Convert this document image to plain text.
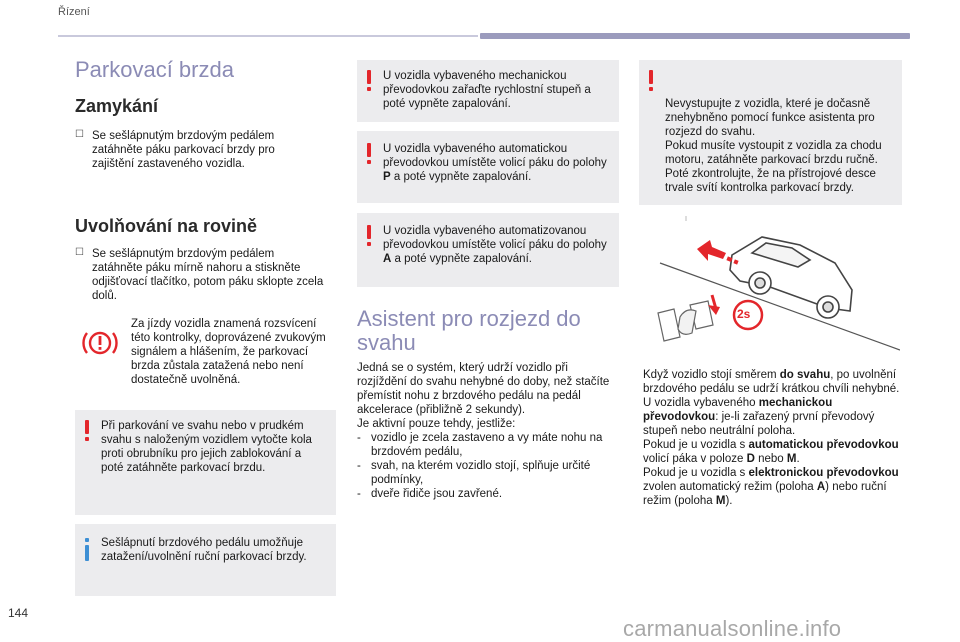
Řízení
Parkovací brzda
Zamykání
☐ Se sešlápnutým brzdovým pedálem zatáhněte páku parkovací brzdy pro zajištění zastaveného vozidla.
Uvolňování na rovině
☐ Se sešlápnutým brzdovým pedálem zatáhněte páku mírně nahoru a stiskněte odjišťovací tlačítko, potom páku sklopte zcela dolů.
Za jízdy vozidla znamená rozsvícení této kontrolky, doprovázené zvukovým signálem a hlášením, že parkovací brzda zůstala zatažená nebo není dostatečně uvolněná.
Při parkování ve svahu nebo v prudkém svahu s naloženým vozidlem vytočte kola proti obrubníku pro jejich zablokování a poté zatáhněte parkovací brzdu.
Sešlápnutí brzdového pedálu umožňuje zatažení/uvolnění ruční parkovací brzdy.
U vozidla vybaveného mechanickou převodovkou zařaďte rychlostní stupeň a poté vypněte zapalování.
U vozidla vybaveného automatickou převodovkou umístěte volicí páku do polohy P a poté vypněte zapalování.
U vozidla vybaveného automatizovanou převodovkou umístěte volicí páku do polohy A a poté vypněte zapalování.
Asistent pro rozjezd do
svahu
Jedná se o systém, který udrží vozidlo při rozjíždění do svahu nehybné do doby, než stačíte přemístit nohu z brzdového pedálu na pedál akcelerace (přibližně 2 sekundy).
Je aktivní pouze tehdy, jestliže:
- vozidlo je zcela zastaveno a vy máte nohu na brzdovém pedálu,
- svah, na kterém vozidlo stojí, splňuje určité podmínky,
- dveře řidiče jsou zavřené.

Nevystupujte z vozidla, které je dočasně znehybněno pomocí funkce asistenta pro rozjezd do svahu.
Pokud musíte vystoupit z vozidla za chodu motoru, zatáhněte parkovací brzdu ručně. Poté zkontrolujte, že na přístrojové desce trvale svítí kontrolka parkovací brzdy.

2s
Když vozidlo stojí směrem do svahu, po uvolnění brzdového pedálu se udrží krátkou chvíli nehybné.
U vozidla vybaveného mechanickou převodovkou: je-li zařazený první převodový stupeň nebo neutrální poloha.
Pokud je u vozidla s automatickou převodovkou volicí páka v poloze D nebo M.
Pokud je u vozidla s elektronickou převodovkou zvolen automatický režim (poloha A) nebo ruční režim (poloha M).
144
carmanualsonline.info
